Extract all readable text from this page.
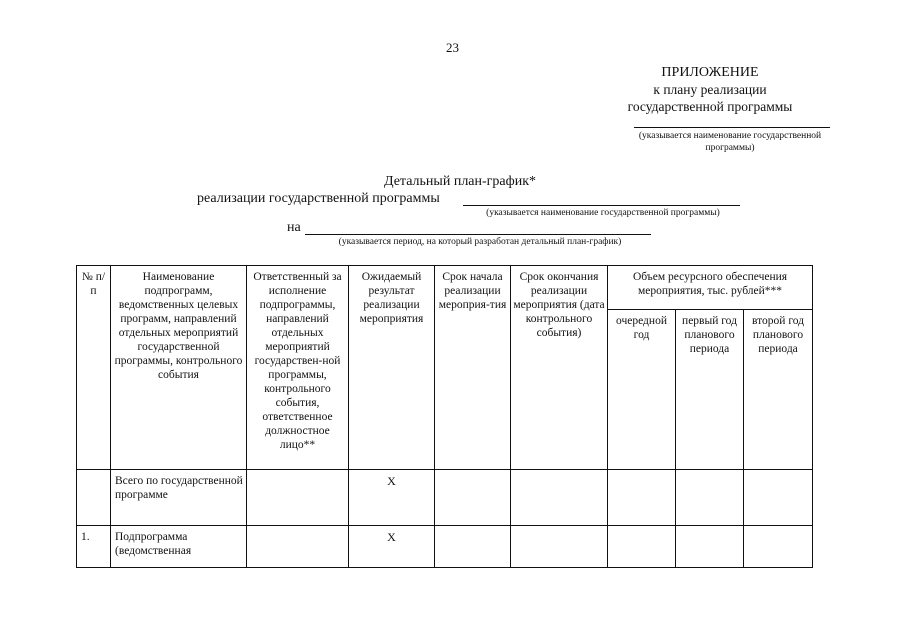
23
ПРИЛОЖЕНИЕ
к плану реализации
государственной программы
(указывается наименование государственной
программы)
Детальный план-график*
реализации государственной программы
(указывается наименование государственной программы)
на
(указывается период, на который разработан детальный план-график)
№ п/п	Наименование подпрограмм, ведомственных целевых программ, направлений отдельных мероприятий государственной программы, контрольного события	Ответственный за исполнение подпрограммы, направлений отдельных мероприятий государствен-ной программы, контрольного события, ответственное должностное лицо**	Ожидаемый результат реализации мероприятия	Срок начала реализации мероприя-тия	Срок окончания реализации мероприятия (дата контрольного события)	Объем ресурсного обеспечения мероприятия, тыс. рублей***		
						очередной год	первый год планового периода	второй год планового периода
	Всего по государственной программе		X					
1.	Подпрограмма (ведомственная		X					
